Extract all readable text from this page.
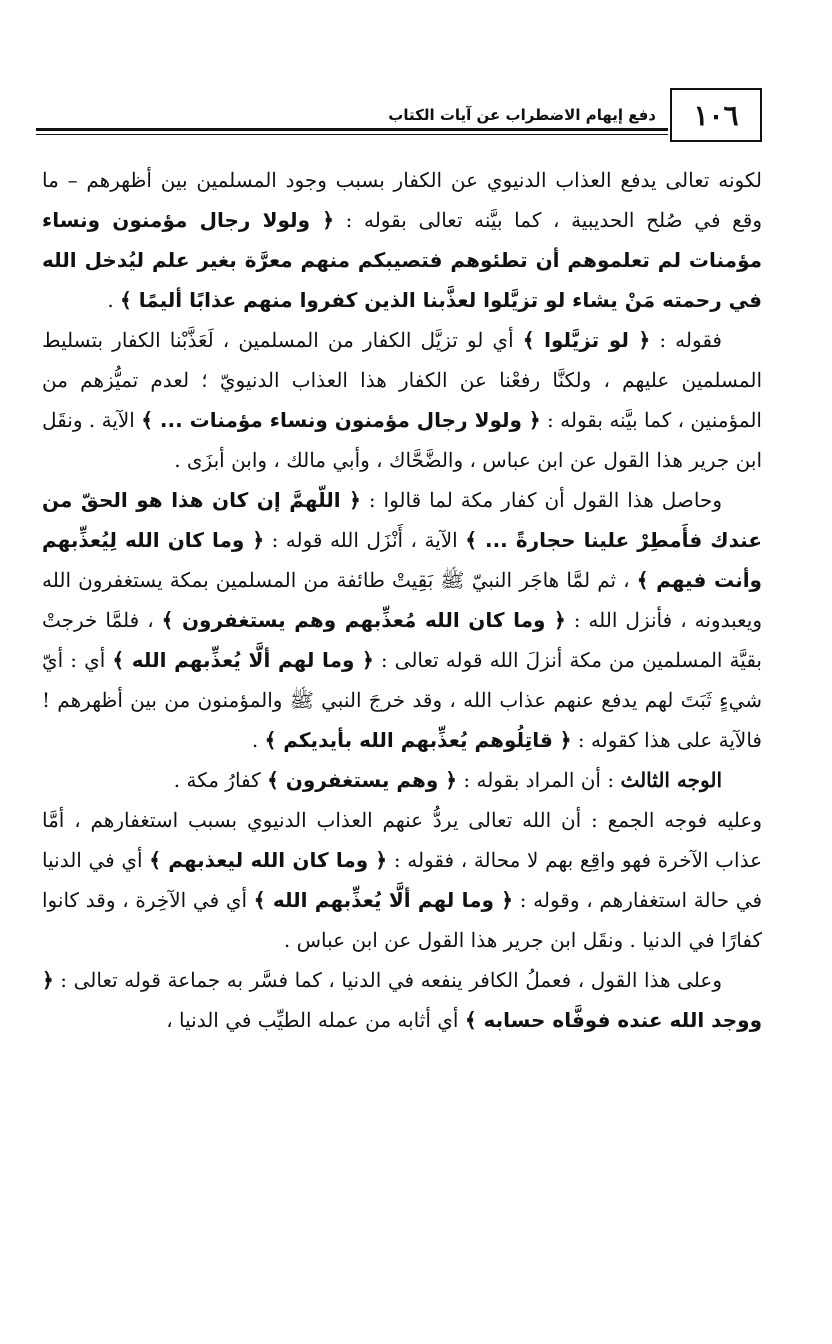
١٠٦
دفع إيهام الاضطراب عن آيات الكتاب

لكونه تعالى يدفع العذاب الدنيوي عن الكفار بسبب وجود المسلمين بين أظهرهم – ما وقع في صُلح الحديبية ، كما بيَّنه تعالى بقوله : ﴿ ولولا رجال مؤمنون ونساء مؤمنات لم تعلموهم أن تطئوهم فتصيبكم منهم معرَّة بغير علم ليُدخل الله في رحمته مَنْ يشاء لو تزيَّلوا لعذَّبنا الذين كفروا منهم عذابًا أليمًا ﴾ .

فقوله : ﴿ لو تزيَّلوا ﴾ أي لو تزيَّل الكفار من المسلمين ، لَعَذَّبْنا الكفار بتسليط المسلمين عليهم ، ولكنَّا رفعْنا عن الكفار هذا العذاب الدنيويّ ؛ لعدم تميُّزهم من المؤمنين ، كما بيَّنه بقوله : ﴿ ولولا رجال مؤمنون ونساء مؤمنات ... ﴾ الآية . ونقَل ابن جرير هذا القول عن ابن عباس ، والضَّحَّاك ، وأبي مالك ، وابن أبزَى .

وحاصل هذا القول أن كفار مكة لما قالوا : ﴿ اللّهمَّ إن كان هذا هو الحقّ من عندك فأَمطِرْ علينا حجارةً ... ﴾ الآية ، أَنْزَل الله قوله : ﴿ وما كان الله لِيُعذِّبهم وأنت فيهم ﴾ ، ثم لمَّا هاجَر النبيّ ﷺ بَقِيتْ طائفة من المسلمين بمكة يستغفرون الله ويعبدونه ، فأنزل الله : ﴿ وما كان الله مُعذِّبهم وهم يستغفرون ﴾ ، فلمَّا خرجتْ بقيَّة المسلمين من مكة أنزلَ الله قوله تعالى : ﴿ وما لهم ألَّا يُعذِّبهم الله ﴾ أي : أيّ شيءٍ ثَبَتَ لهم يدفع عنهم عذاب الله ، وقد خرجَ النبي ﷺ والمؤمنون من بين أظهرهم ! فالآية على هذا كقوله : ﴿ قاتِلُوهم يُعذِّبهم الله بأيديكم ﴾ .

الوجه الثالث : أن المراد بقوله : ﴿ وهم يستغفرون ﴾ كفارُ مكة .

وعليه فوجه الجمع : أن الله تعالى يردُّ عنهم العذاب الدنيوي بسبب استغفارهم ، أمَّا عذاب الآخرة فهو واقِع بهم لا محالة ، فقوله : ﴿ وما كان الله ليعذبهم ﴾ أي في الدنيا في حالة استغفارهم ، وقوله : ﴿ وما لهم ألَّا يُعذِّبهم الله ﴾ أي في الآخِرة ، وقد كانوا كفارًا في الدنيا . ونقَل ابن جرير هذا القول عن ابن عباس .

وعلى هذا القول ، فعملُ الكافر ينفعه في الدنيا ، كما فسَّر به جماعة قوله تعالى : ﴿ ووجد الله عنده فوفَّاه حسابه ﴾ أي أثابه من عمله الطيِّب في الدنيا ،
